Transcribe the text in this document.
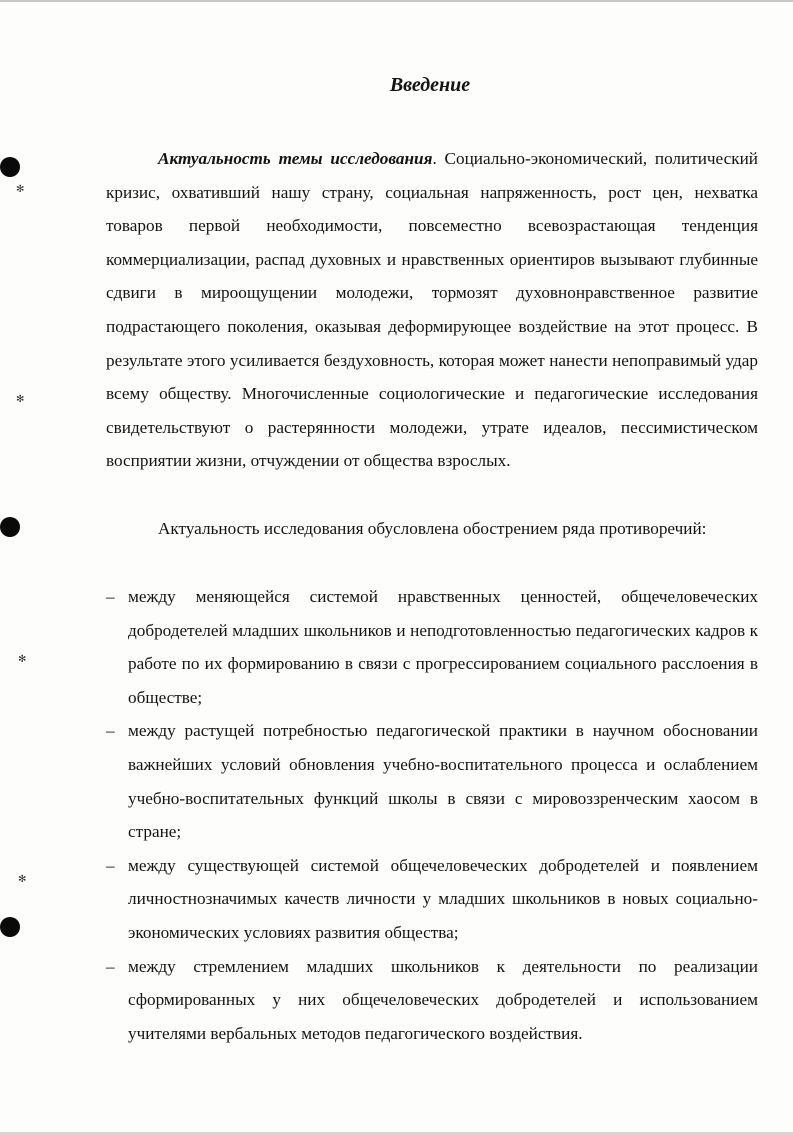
✻
✻
✻
✻
Введение

Актуальность темы исследования. Социально-экономический, политический кризис, охвативший нашу страну, социальная напряженность, рост цен, нехватка товаров первой необходимости, повсеместно всевозрастающая тенденция коммерциализации, распад духовных и нравственных ориентиров вызывают глубинные сдвиги в мироощущении молодежи, тормозят духовнонравственное развитие подрастающего поколения, оказывая деформирующее воздействие на этот процесс. В результате этого усиливается бездуховность, которая может нанести непоправимый удар всему обществу. Многочисленные социологические и педагогические исследования свидетельствуют о растерянности молодежи, утрате идеалов, пессимистическом восприятии жизни, отчуждении от общества взрослых.

Актуальность исследования обусловлена обострением ряда противоречий:

– между меняющейся системой нравственных ценностей, общечеловеческих добродетелей младших школьников и неподготовленностью педагогических кадров к работе по их формированию в связи с прогрессированием социального расслоения в обществе;
– между растущей потребностью педагогической практики в научном обосновании важнейших условий обновления учебно-воспитательного процесса и ослаблением учебно-воспитательных функций школы в связи с мировоззренческим хаосом в стране;
– между существующей системой общечеловеческих добродетелей и появлением личностнозначимых качеств личности у младших школьников в новых социально-экономических условиях развития общества;
– между стремлением младших школьников к деятельности по реализации сформированных у них общечеловеческих добродетелей и использованием учителями вербальных методов педагогического воздействия.
